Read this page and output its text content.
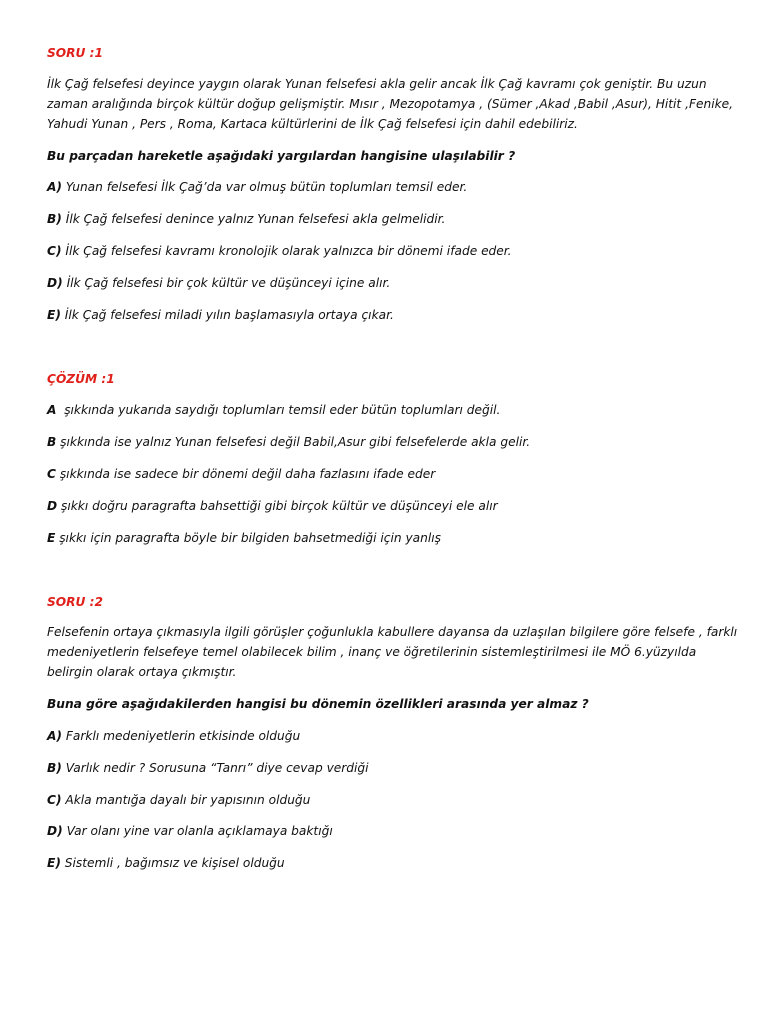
SORU :1
İlk Çağ felsefesi deyince yaygın olarak Yunan felsefesi akla gelir ancak İlk Çağ kavramı çok geniştir. Bu uzun
zaman aralığında birçok kültür doğup gelişmiştir. Mısır , Mezopotamya , (Sümer ,Akad ,Babil ,Asur), Hitit ,Fenike,
Yahudi Yunan , Pers , Roma, Kartaca kültürlerini de İlk Çağ felsefesi için dahil edebiliriz.
Bu parçadan hareketle aşağıdaki yargılardan hangisine ulaşılabilir ?
A) Yunan felsefesi İlk Çağ’da var olmuş bütün toplumları temsil eder.
B) İlk Çağ felsefesi denince yalnız Yunan felsefesi akla gelmelidir.
C) İlk Çağ felsefesi kavramı kronolojik olarak yalnızca bir dönemi ifade eder.
D) İlk Çağ felsefesi bir çok kültür ve düşünceyi içine alır.
E) İlk Çağ felsefesi miladi yılın başlamasıyla ortaya çıkar.
ÇÖZÜM :1
A şıkkında yukarıda saydığı toplumları temsil eder bütün toplumları değil.
B şıkkında ise yalnız Yunan felsefesi değil Babil,Asur gibi felsefelerde akla gelir.
C şıkkında ise sadece bir dönemi değil daha fazlasını ifade eder
D şıkkı doğru paragrafta bahsettiği gibi birçok kültür ve düşünceyi ele alır
E şıkkı için paragrafta böyle bir bilgiden bahsetmediği için yanlış
SORU :2
Felsefenin ortaya çıkmasıyla ilgili görüşler çoğunlukla kabullere dayansa da uzlaşılan bilgilere göre felsefe , farklı
medeniyetlerin felsefeye temel olabilecek bilim , inanç ve öğretilerinin sistemleştirilmesi ile MÖ 6.yüzyılda
belirgin olarak ortaya çıkmıştır.
Buna göre aşağıdakilerden hangisi bu dönemin özellikleri arasında yer almaz ?
A) Farklı medeniyetlerin etkisinde olduğu
B) Varlık nedir ? Sorusuna “Tanrı” diye cevap verdiği
C) Akla mantığa dayalı bir yapısının olduğu
D) Var olanı yine var olanla açıklamaya baktığı
E) Sistemli , bağımsız ve kişisel olduğu
